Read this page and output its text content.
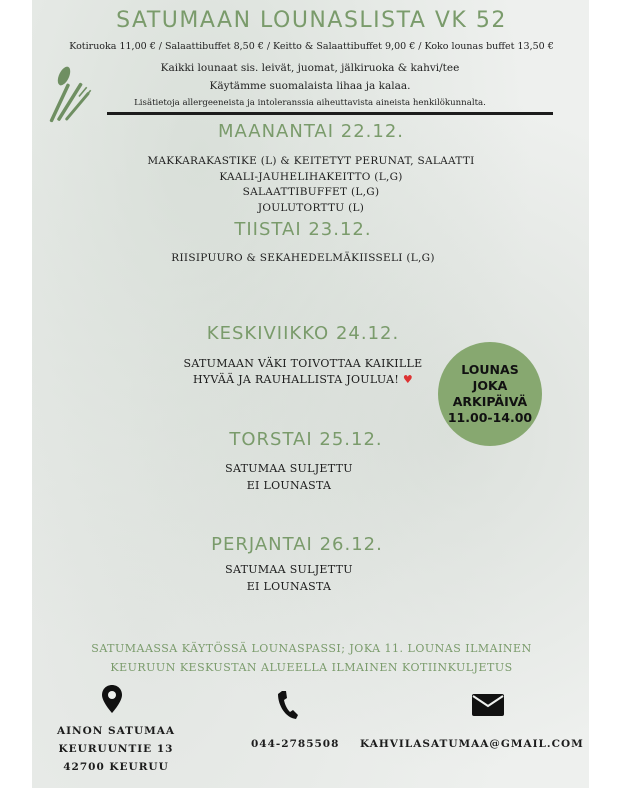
SATUMAAN LOUNASLISTA VK 52
Kotiruoka 11,00 € / Salaattibuffet 8,50 € / Keitto & Salaattibuffet 9,00 € / Koko lounas buffet 13,50 €
Kaikki lounaat sis. leivät, juomat, jälkiruoka & kahvi/tee
Käytämme suomalaista lihaa ja kalaa.
Lisätietoja allergeeneista ja intoleranssia aiheuttavista aineista henkilökunnalta.
MAANANTAI 22.12.
MAKKARAKASTIKE (L) & KEITETYT PERUNAT, SALAATTI
KAALI-JAUHELIHAKEITTO (L,G)
SALAATTIBUFFET (L,G)
JOULUTORTTU (L)
TIISTAI 23.12.
RIISIPUURO & SEKAHEDELMÄKIISSELI (L,G)
KESKIVIIKKO 24.12.
SATUMAAN VÄKI TOIVOTTAA KAIKILLE
HYVÄÄ JA RAUHALLISTA JOULUA! ♥
LOUNAS
JOKA
ARKIPÄIVÄ
11.00-14.00
TORSTAI 25.12.
SATUMAA SULJETTU
EI LOUNASTA
PERJANTAI 26.12.
SATUMAA SULJETTU
EI LOUNASTA
SATUMAASSA KÄYTÖSSÄ LOUNASPASSI; JOKA 11. LOUNAS ILMAINEN
KEURUUN KESKUSTAN ALUEELLA ILMAINEN KOTIINKULJETUS
AINON SATUMAA
KEURUUNTIE 13
42700 KEURUU
044-2785508 KAHVILASATUMAA@GMAIL.COM
